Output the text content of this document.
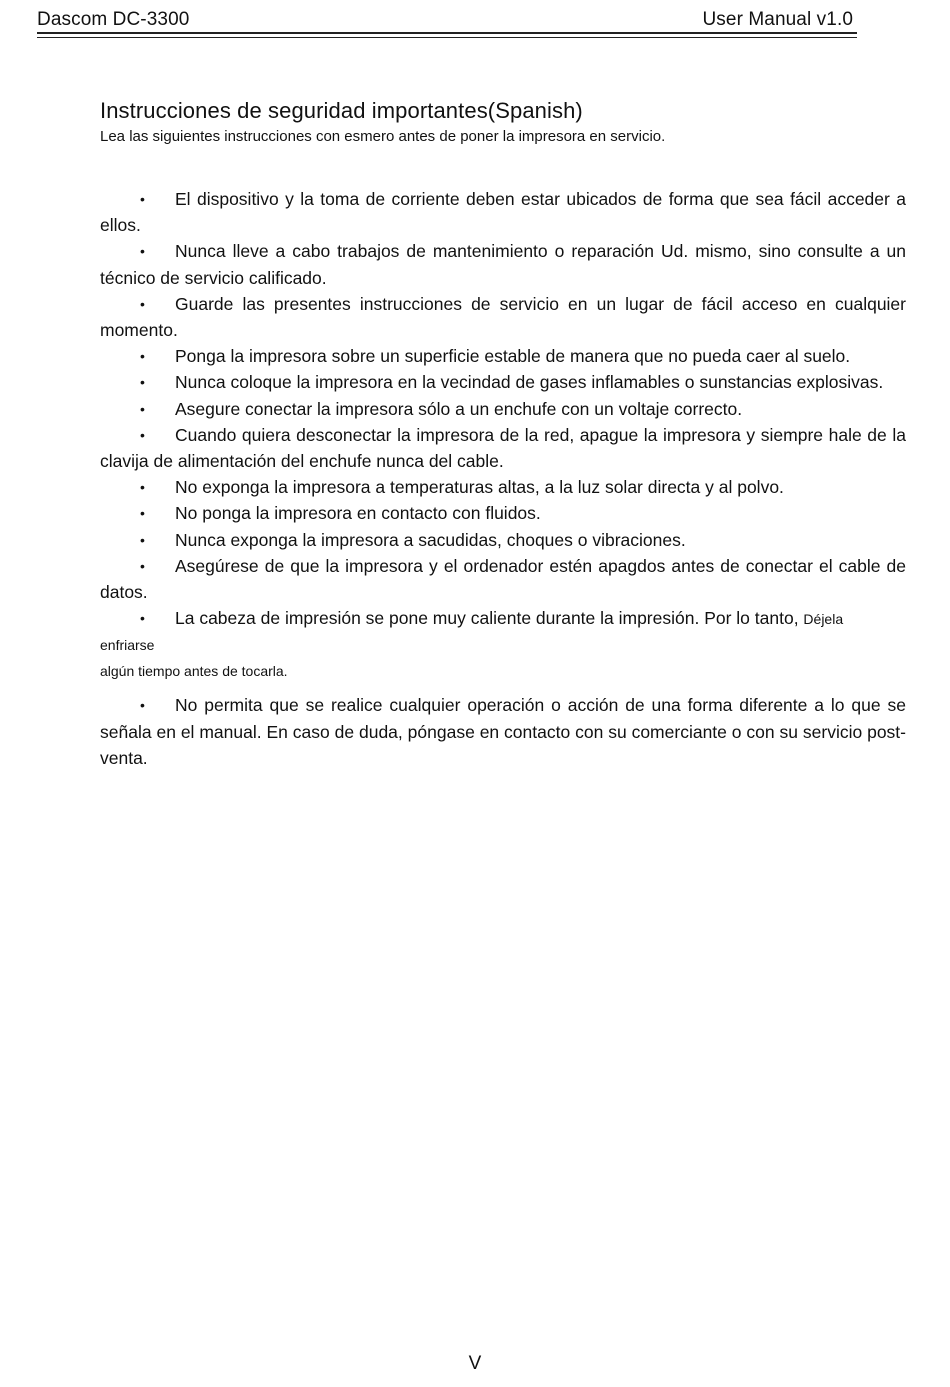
Dascom DC-3300	User Manual v1.0
Instrucciones de seguridad importantes(Spanish)

Lea las siguientes instrucciones con esmero antes de poner la impresora en servicio.

• El dispositivo y la toma de corriente deben estar ubicados de forma que sea fácil acceder a ellos.

• Nunca lleve a cabo trabajos de mantenimiento o reparación Ud. mismo, sino consulte a un técnico de servicio calificado.

• Guarde las presentes instrucciones de servicio en un lugar de fácil acceso en cualquier momento.

• Ponga la impresora sobre un superficie estable de manera que no pueda caer al suelo.

• Nunca coloque la impresora en la vecindad de gases inflamables o sunstancias explosivas.

• Asegure conectar la impresora sólo a un enchufe con un voltaje correcto.

• Cuando quiera desconectar la impresora de la red, apague la impresora y siempre hale de la clavija de alimentación del enchufe nunca del cable.

• No exponga la impresora a temperaturas altas, a la luz solar directa y al polvo.

• No ponga la impresora en contacto con fluidos.

• Nunca exponga la impresora a sacudidas, choques o vibraciones.

• Asegúrese de que la impresora y el ordenador estén apagdos antes de conectar el cable de datos.

• La cabeza de impresión se pone muy caliente durante la impresión. Por lo tanto, Déjela

enfriarse

algún tiempo antes de tocarla.

• No permita que se realice cualquier operación o acción de una forma diferente a lo que se señala en el manual. En caso de duda, póngase en contacto con su comerciante o con su servicio post-venta.

V
